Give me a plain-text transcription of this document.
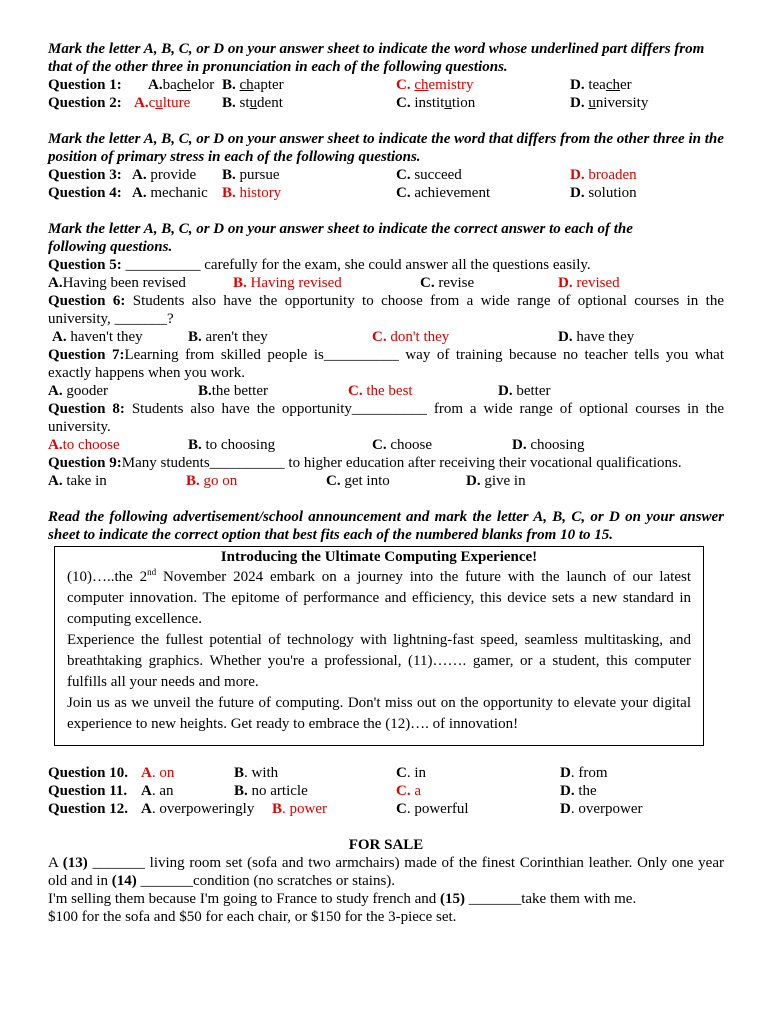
Mark the letter A, B, C, or D on your answer sheet to indicate the word whose underlined part differs from that of the other three in pronunciation in each of the following questions.
Question 1: A.bachelor B. chapter	C. chemistry	D. teacher
Question 2: A.culture B. student	C. institution	D. university
Mark the letter A, B, C, or D on your answer sheet to indicate the word that differs from the other three in the position of primary stress in each of the following questions.
Question 3: A. provide B. pursue	C. succeed	D. broaden
Question 4: A. mechanic B. history	C. achievement	D. solution
Mark the letter A, B, C, or D on your answer sheet to indicate the correct answer to each of the following questions.
Question 5: __________ carefully for the exam, she could answer all the questions easily.
A.Having been revised	B. Having revised	C. revise	D. revised
Question 6: Students also have the opportunity to choose from a wide range of optional courses in the university, _______?
A. haven't they	B. aren't they	C. don't they	D. have they
Question 7:Learning from skilled people is__________ way of training because no teacher tells you what exactly happens when you work.
A. gooder	B.the better	C. the best	D. better
Question 8: Students also have the opportunity__________ from a wide range of optional courses in the university.
A.to choose	B. to choosing	C. choose	D. choosing
Question 9:Many students__________ to higher education after receiving their vocational qualifications.
A. take in	B. go on	C. get into	D. give in
Read the following advertisement/school announcement and mark the letter A, B, C, or D on your answer sheet to indicate the correct option that best fits each of the numbered blanks from 10 to 15.
Introducing the Ultimate Computing Experience!

(10)…..the 2nd November 2024 embark on a journey into the future with the launch of our latest computer innovation. The epitome of performance and efficiency, this device sets a new standard in computing excellence.

Experience the fullest potential of technology with lightning-fast speed, seamless multitasking, and breathtaking graphics. Whether you're a professional, (11)……. gamer, or a student, this computer fulfills all your needs and more.

Join us as we unveil the future of computing. Don't miss out on the opportunity to elevate your digital experience to new heights. Get ready to embrace the (12)…. of innovation!

Question 10. A. on	B. with	C. in	D. from
Question 11. A. an	B. no article	C. a	D. the
Question 12. A. overpoweringly B. power	C. powerful	D. overpower
FOR SALE
A (13) _______ living room set (sofa and two armchairs) made of the finest Corinthian leather. Only one year old and in (14) _______condition (no scratches or stains).
I'm selling them because I'm going to France to study french and (15) _______take them with me.
$100 for the sofa and $50 for each chair, or $150 for the 3-piece set.
